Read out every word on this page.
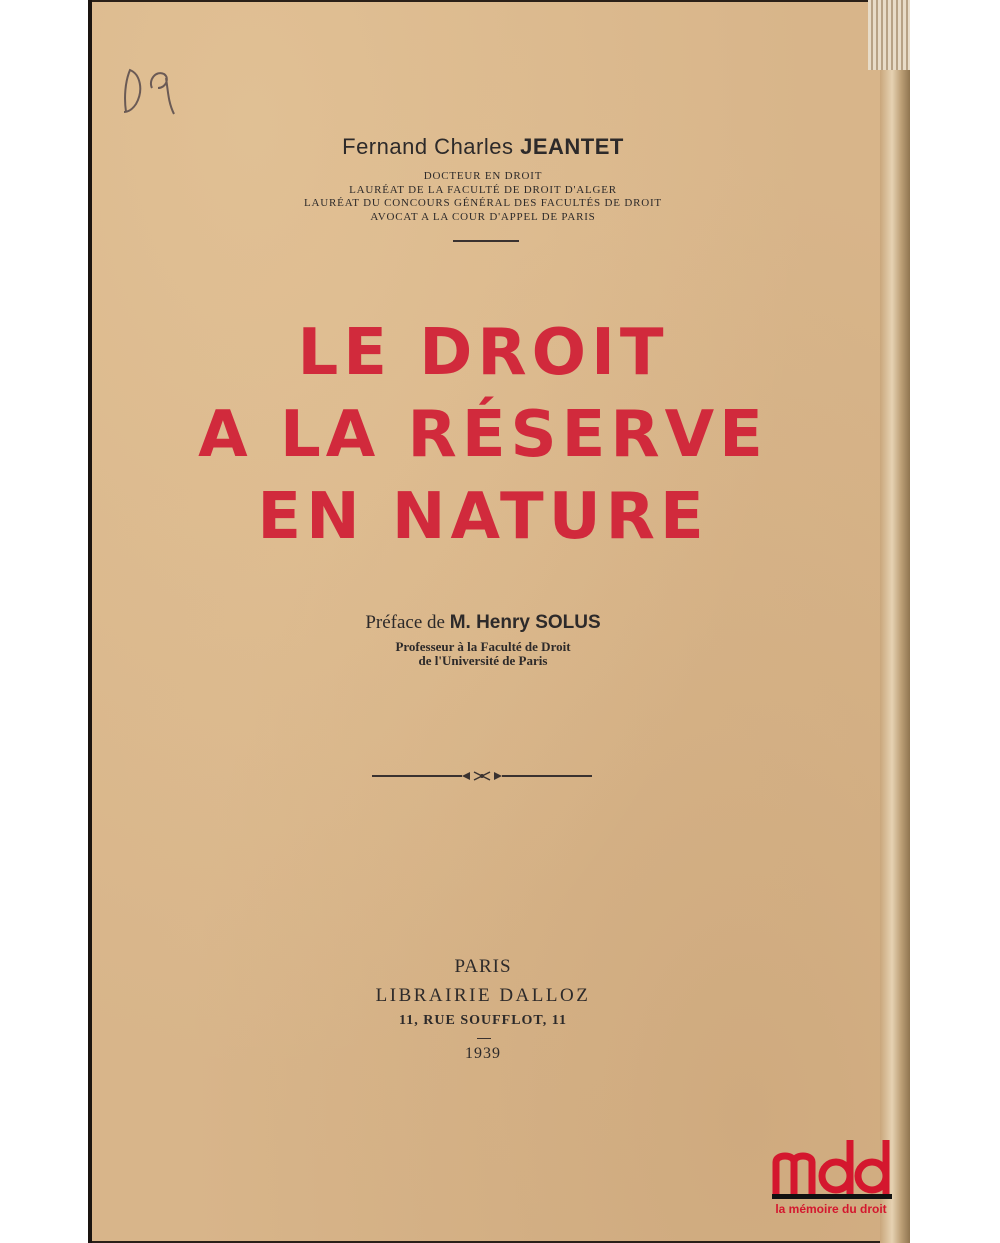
Fernand Charles JEANTET
DOCTEUR EN DROIT
LAURÉAT DE LA FACULTÉ DE DROIT D'ALGER
LAURÉAT DU CONCOURS GÉNÉRAL DES FACULTÉS DE DROIT
AVOCAT A LA COUR D'APPEL DE PARIS
LE DROIT
A LA RÉSERVE
EN NATURE
Préface de M. Henry SOLUS
Professeur à la Faculté de Droit
de l'Université de Paris
PARIS
LIBRAIRIE DALLOZ
11, RUE SOUFFLOT, 11
1939
la mémoire du droit
